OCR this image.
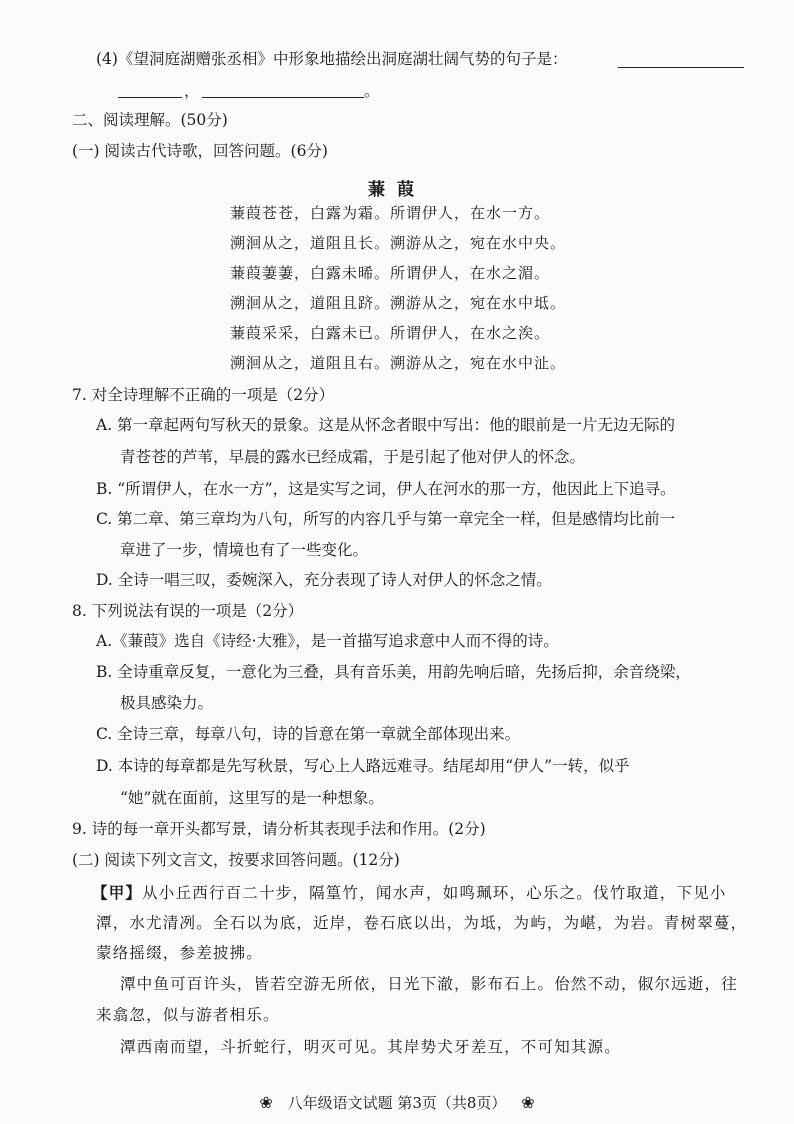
(4)《望洞庭湖赠张丞相》中形象地描绘出洞庭湖壮阔气势的句子是：
，	。
二、阅读理解。(50分)
(一) 阅读古代诗歌，回答问题。(6分)
蒹葭
蒹葭苍苍，白露为霜。所谓伊人，在水一方。
溯洄从之，道阻且长。溯游从之，宛在水中央。
蒹葭萋萋，白露未晞。所谓伊人，在水之湄。
溯洄从之，道阻且跻。溯游从之，宛在水中坻。
蒹葭采采，白露未已。所谓伊人，在水之涘。
溯洄从之，道阻且右。溯游从之，宛在水中沚。
7. 对全诗理解不正确的一项是（2分）
A. 第一章起两句写秋天的景象。这是从怀念者眼中写出：他的眼前是一片无边无际的
青苍苍的芦苇，早晨的露水已经成霜，于是引起了他对伊人的怀念。
B. “所谓伊人，在水一方”，这是实写之词，伊人在河水的那一方，他因此上下追寻。
C. 第二章、第三章均为八句，所写的内容几乎与第一章完全一样，但是感情均比前一
章进了一步，情境也有了一些变化。
D. 全诗一唱三叹，委婉深入，充分表现了诗人对伊人的怀念之情。
8. 下列说法有误的一项是（2分）
A.《蒹葭》选自《诗经·大雅》，是一首描写追求意中人而不得的诗。
B. 全诗重章反复，一意化为三叠，具有音乐美，用韵先响后暗，先扬后抑，余音绕梁，
极具感染力。
C. 全诗三章，每章八句，诗的旨意在第一章就全部体现出来。
D. 本诗的每章都是先写秋景，写心上人路远难寻。结尾却用“伊人”一转，似乎
“她”就在面前，这里写的是一种想象。
9. 诗的每一章开头都写景，请分析其表现手法和作用。(2分)
(二) 阅读下列文言文，按要求回答问题。(12分)
【甲】从小丘西行百二十步，隔篁竹，闻水声，如鸣珮环，心乐之。伐竹取道，下见小
潭，水尤清冽。全石以为底，近岸，卷石底以出，为坻，为屿，为嵁，为岩。青树翠蔓，
蒙络摇缀，参差披拂。
潭中鱼可百许头，皆若空游无所依，日光下澈，影布石上。佁然不动，俶尔远逝，往
来翕忽，似与游者相乐。
潭西南而望，斗折蛇行，明灭可见。其岸势犬牙差互，不可知其源。
❀ 八年级语文试题 第3页（共8页） ❀
